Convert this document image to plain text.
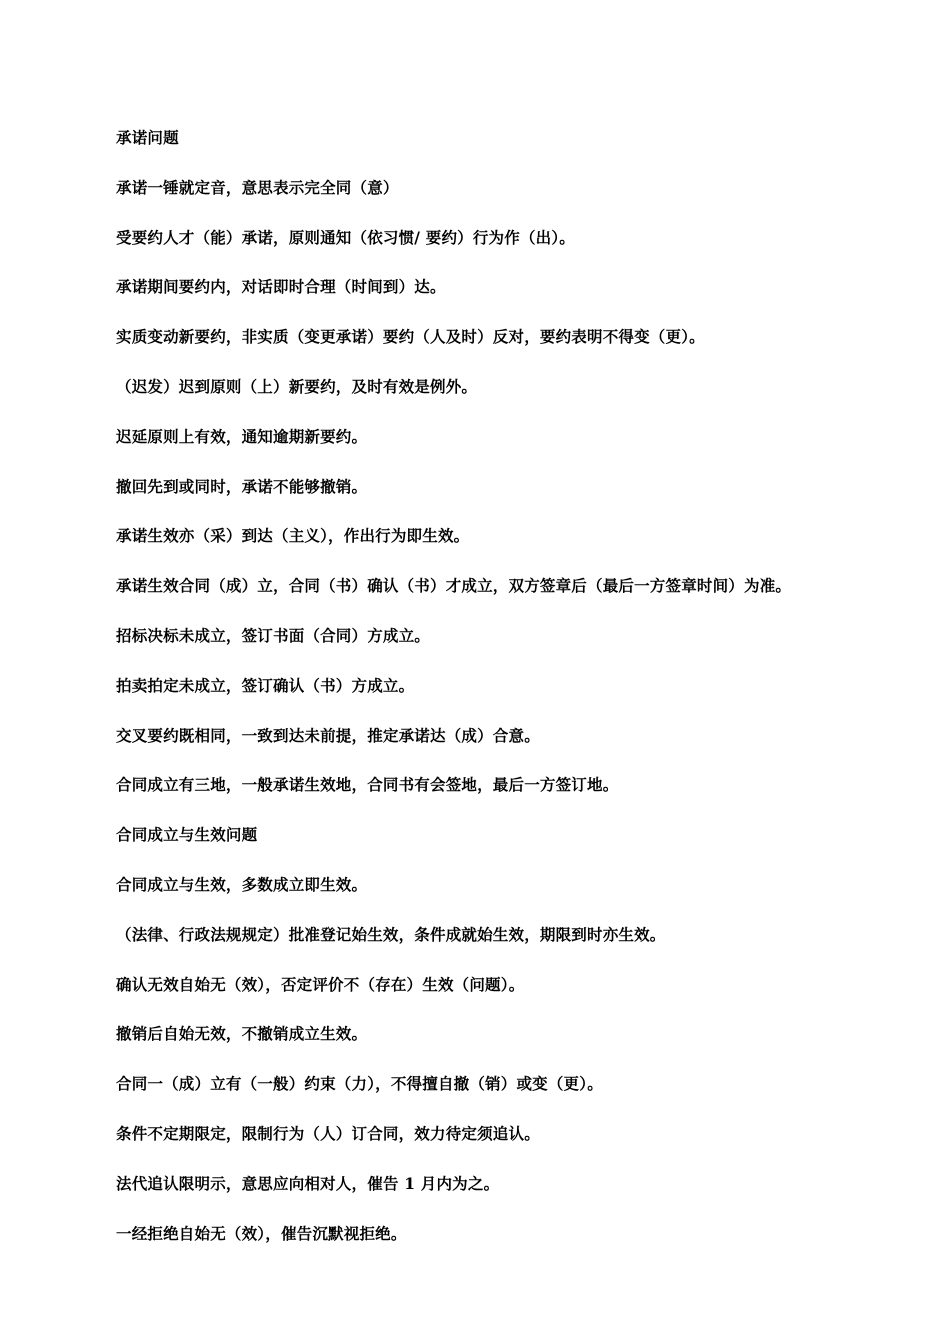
承诺问题
承诺一锤就定音，意思表示完全同（意）
受要约人才（能）承诺，原则通知（依习惯/ 要约）行为作（出）。
承诺期间要约内，对话即时合理（时间到）达。
实质变动新要约，非实质（变更承诺）要约（人及时）反对，要约表明不得变（更）。
（迟发）迟到原则（上）新要约，及时有效是例外。
迟延原则上有效，通知逾期新要约。
撤回先到或同时，承诺不能够撤销。
承诺生效亦（采）到达（主义），作出行为即生效。
承诺生效合同（成）立，合同（书）确认（书）才成立，双方签章后（最后一方签章时间）为准。
招标决标未成立，签订书面（合同）方成立。
拍卖拍定未成立，签订确认（书）方成立。
交叉要约既相同，一致到达未前提，推定承诺达（成）合意。
合同成立有三地，一般承诺生效地，合同书有会签地，最后一方签订地。
合同成立与生效问题
合同成立与生效，多数成立即生效。
（法律、行政法规规定）批准登记始生效，条件成就始生效，期限到时亦生效。
确认无效自始无（效），否定评价不（存在）生效（问题）。
撤销后自始无效，不撤销成立生效。
合同一（成）立有（一般）约束（力），不得擅自撤（销）或变（更）。
条件不定期限定，限制行为（人）订合同，效力待定须追认。
法代追认限明示，意思应向相对人，催告 1 月内为之。
一经拒绝自始无（效），催告沉默视拒绝。
